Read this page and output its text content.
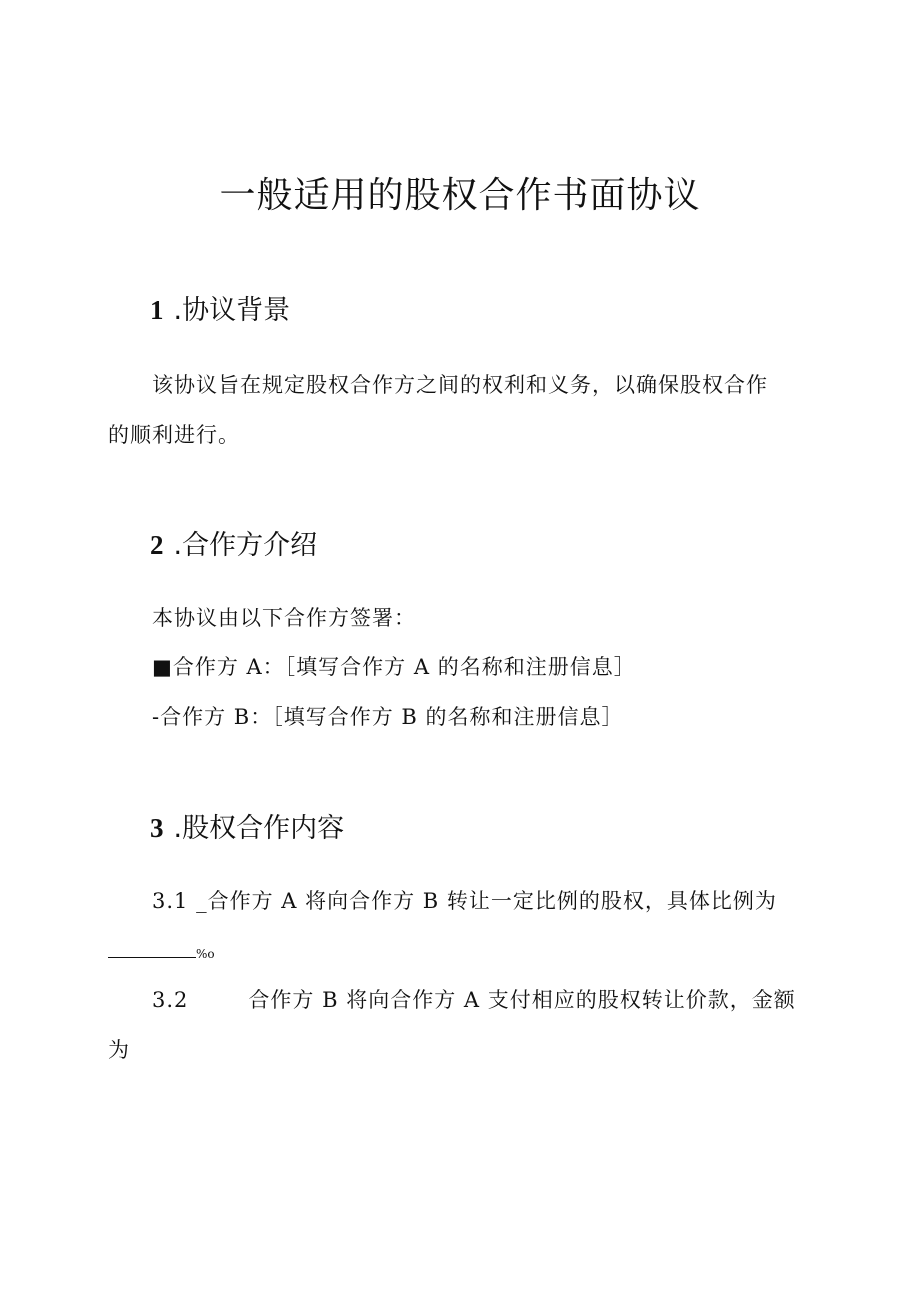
一般适用的股权合作书面协议
1 .协议背景
该协议旨在规定股权合作方之间的权利和义务，以确保股权合作
的顺利进行。
2 .合作方介绍
本协议由以下合作方签署：
■合作方 A：［填写合作方 A 的名称和注册信息］
-合作方 B：［填写合作方 B 的名称和注册信息］
3 .股权合作内容
3.1 _合作方 A 将向合作方 B 转让一定比例的股权，具体比例为
%o
3.2	合作方 B 将向合作方 A 支付相应的股权转让价款，金额
为
